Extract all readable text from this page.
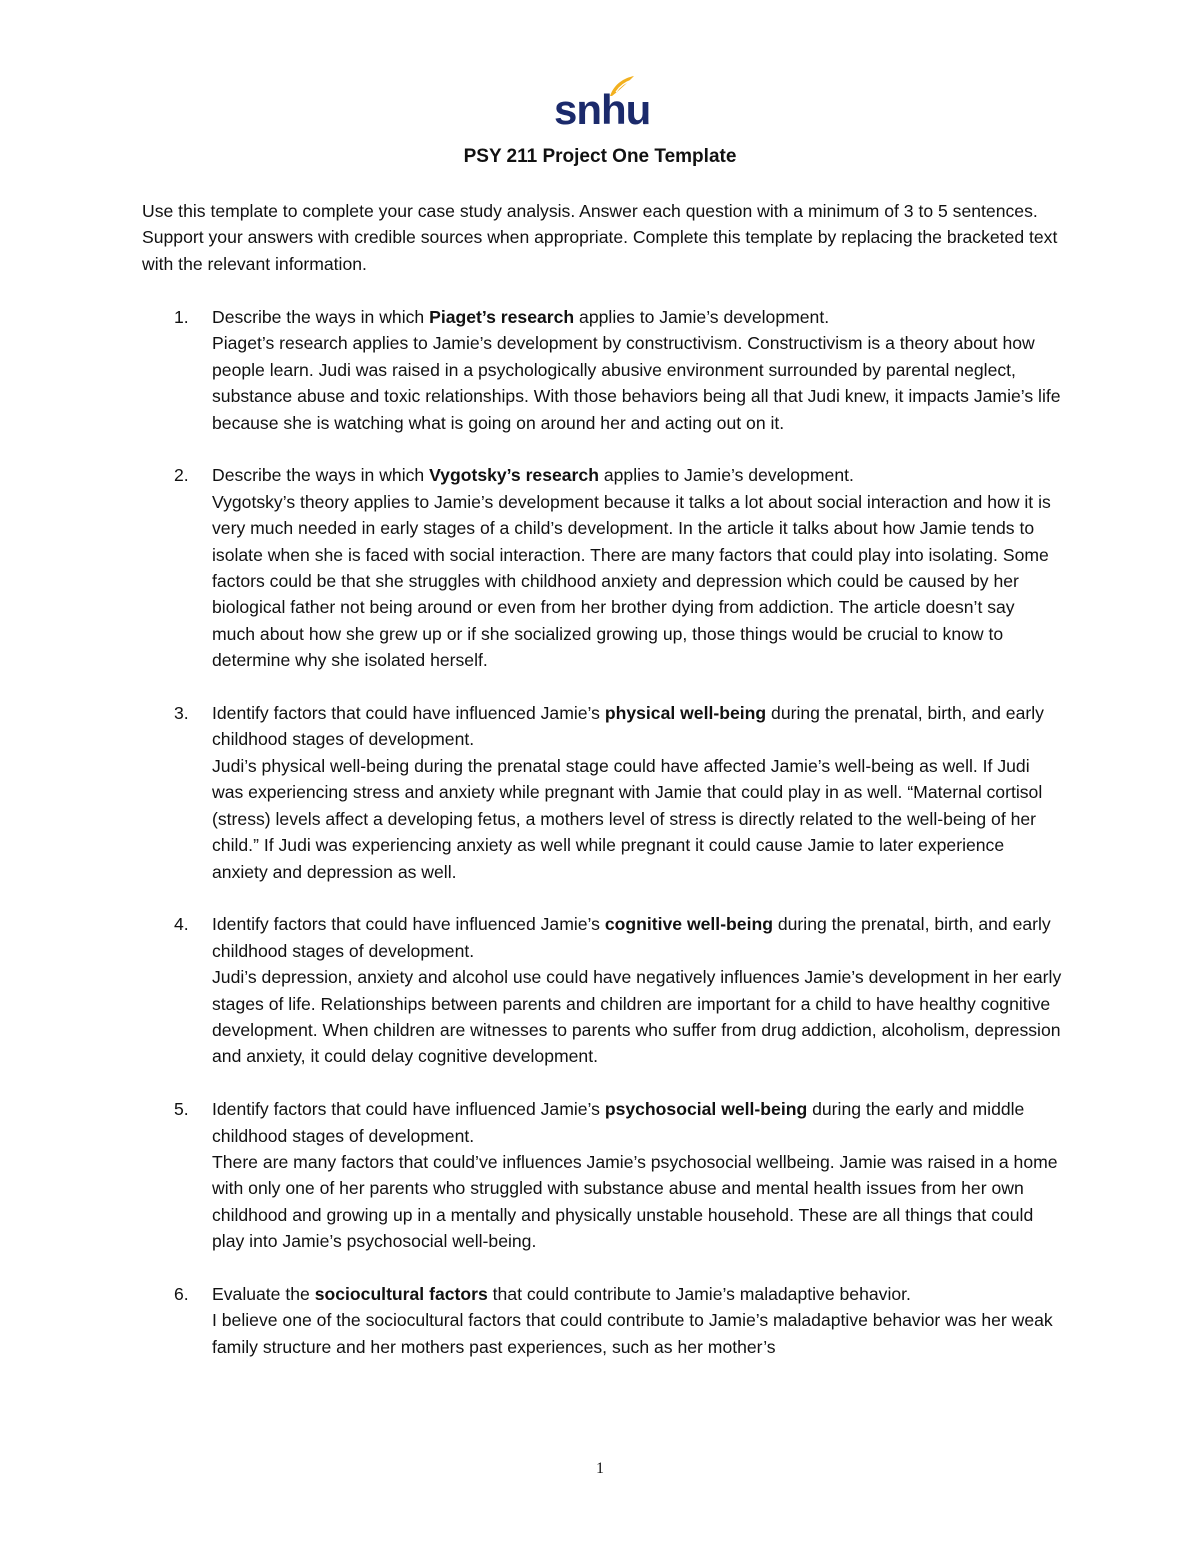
snhu
PSY 211 Project One Template
Use this template to complete your case study analysis. Answer each question with a minimum of 3 to 5 sentences. Support your answers with credible sources when appropriate. Complete this template by replacing the bracketed text with the relevant information.
1. Describe the ways in which Piaget’s research applies to Jamie’s development.
Piaget’s research applies to Jamie’s development by constructivism. Constructivism is a theory about how people learn. Judi was raised in a psychologically abusive environment surrounded by parental neglect, substance abuse and toxic relationships. With those behaviors being all that Judi knew, it impacts Jamie’s life because she is watching what is going on around her and acting out on it.
2. Describe the ways in which Vygotsky’s research applies to Jamie’s development.
Vygotsky’s theory applies to Jamie’s development because it talks a lot about social interaction and how it is very much needed in early stages of a child’s development. In the article it talks about how Jamie tends to isolate when she is faced with social interaction. There are many factors that could play into isolating. Some factors could be that she struggles with childhood anxiety and depression which could be caused by her biological father not being around or even from her brother dying from addiction. The article doesn’t say much about how she grew up or if she socialized growing up, those things would be crucial to know to determine why she isolated herself.
3. Identify factors that could have influenced Jamie’s physical well-being during the prenatal, birth, and early childhood stages of development.
Judi’s physical well-being during the prenatal stage could have affected Jamie’s well-being as well. If Judi was experiencing stress and anxiety while pregnant with Jamie that could play in as well. “Maternal cortisol (stress) levels affect a developing fetus, a mothers level of stress is directly related to the well-being of her child.” If Judi was experiencing anxiety as well while pregnant it could cause Jamie to later experience anxiety and depression as well.
4. Identify factors that could have influenced Jamie’s cognitive well-being during the prenatal, birth, and early childhood stages of development.
Judi’s depression, anxiety and alcohol use could have negatively influences Jamie’s development in her early stages of life. Relationships between parents and children are important for a child to have healthy cognitive development. When children are witnesses to parents who suffer from drug addiction, alcoholism, depression and anxiety, it could delay cognitive development.
5. Identify factors that could have influenced Jamie’s psychosocial well-being during the early and middle childhood stages of development.
There are many factors that could’ve influences Jamie’s psychosocial wellbeing. Jamie was raised in a home with only one of her parents who struggled with substance abuse and mental health issues from her own childhood and growing up in a mentally and physically unstable household. These are all things that could play into Jamie’s psychosocial well-being.
6. Evaluate the sociocultural factors that could contribute to Jamie’s maladaptive behavior.
I believe one of the sociocultural factors that could contribute to Jamie’s maladaptive behavior was her weak family structure and her mothers past experiences, such as her mother’s
1
